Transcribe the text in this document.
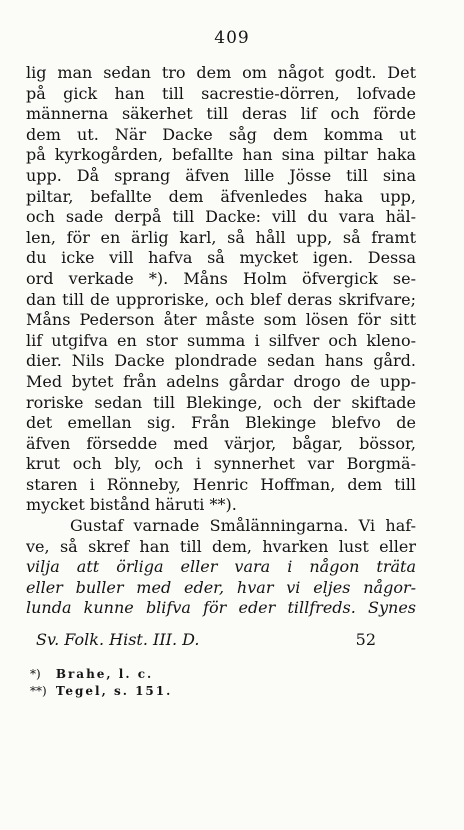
409
lig man sedan tro dem om något godt. Det
på gick han till sacrestie-dörren, lofvade
männerna säkerhet till deras lif och förde
dem ut. När Dacke såg dem komma ut
på kyrkogården, befallte han sina piltar haka
upp. Då sprang äfven lille Jösse till sina
piltar, befallte dem äfvenledes haka upp,
och sade derpå till Dacke: vill du vara häl-
len, för en ärlig karl, så håll upp, så framt
du icke vill hafva så mycket igen. Dessa
ord verkade *). Måns Holm öfvergick se-
dan till de upproriske, och blef deras skrifvare;
Måns Pederson åter måste som lösen för sitt
lif utgifva en stor summa i silfver och kleno-
dier. Nils Dacke plondrade sedan hans gård.
Med bytet från adelns gårdar drogo de upp-
roriske sedan till Blekinge, och der skiftade
det emellan sig. Från Blekinge blefvo de
äfven försedde med värjor, bågar, bössor,
krut och bly, och i synnerhet var Borgmä-
staren i Rönneby, Henric Hoffman, dem till
mycket bistånd häruti **).
Gustaf varnade Smålänningarna. Vi haf-
ve, så skref han till dem, hvarken lust eller
vilja att örliga eller vara i någon träta
eller buller med eder, hvar vi eljes någor-
lunda kunne blifva för eder tillfreds. Synes
Sv. Folk. Hist. III. D.	52
*) Brahe, l. c.
**) Tegel, s. 151.
